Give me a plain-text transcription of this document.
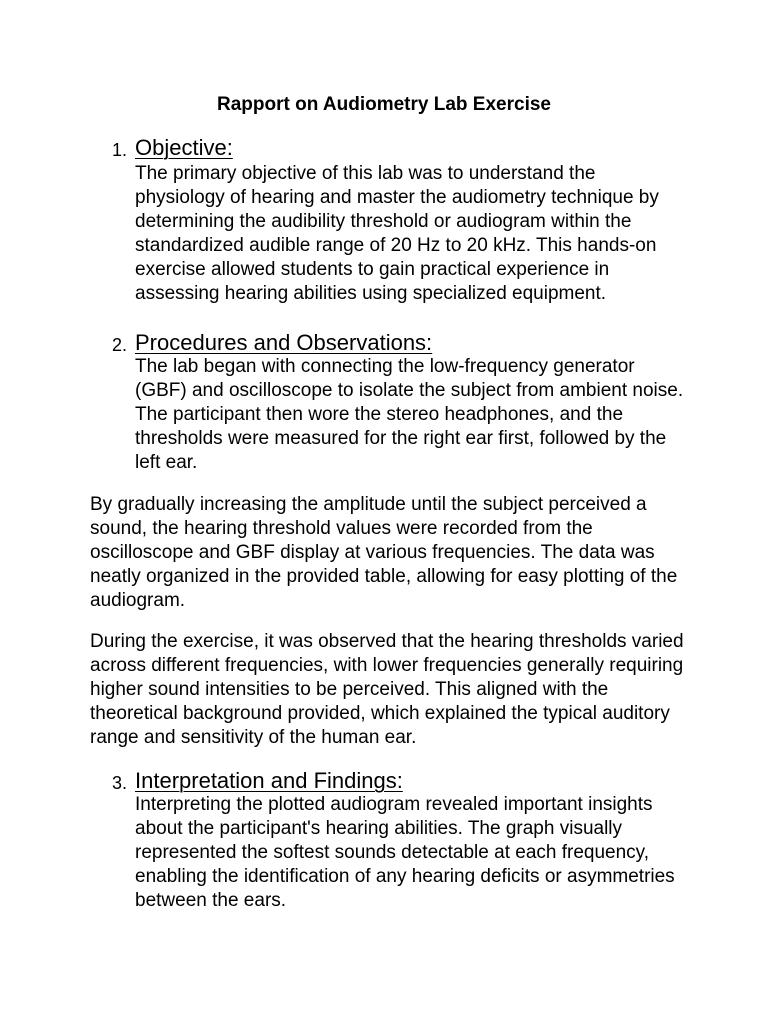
Rapport on Audiometry Lab Exercise
1. Objective:

The primary objective of this lab was to understand the physiology of hearing and master the audiometry technique by determining the audibility threshold or audiogram within the standardized audible range of 20 Hz to 20 kHz. This hands-on exercise allowed students to gain practical experience in assessing hearing abilities using specialized equipment.

2. Procedures and Observations:

The lab began with connecting the low-frequency generator (GBF) and oscilloscope to isolate the subject from ambient noise. The participant then wore the stereo headphones, and the thresholds were measured for the right ear first, followed by the left ear.

By gradually increasing the amplitude until the subject perceived a sound, the hearing threshold values were recorded from the oscilloscope and GBF display at various frequencies. The data was neatly organized in the provided table, allowing for easy plotting of the audiogram.

During the exercise, it was observed that the hearing thresholds varied across different frequencies, with lower frequencies generally requiring higher sound intensities to be perceived. This aligned with the theoretical background provided, which explained the typical auditory range and sensitivity of the human ear.

3. Interpretation and Findings:

Interpreting the plotted audiogram revealed important insights about the participant's hearing abilities. The graph visually represented the softest sounds detectable at each frequency, enabling the identification of any hearing deficits or asymmetries between the ears.
